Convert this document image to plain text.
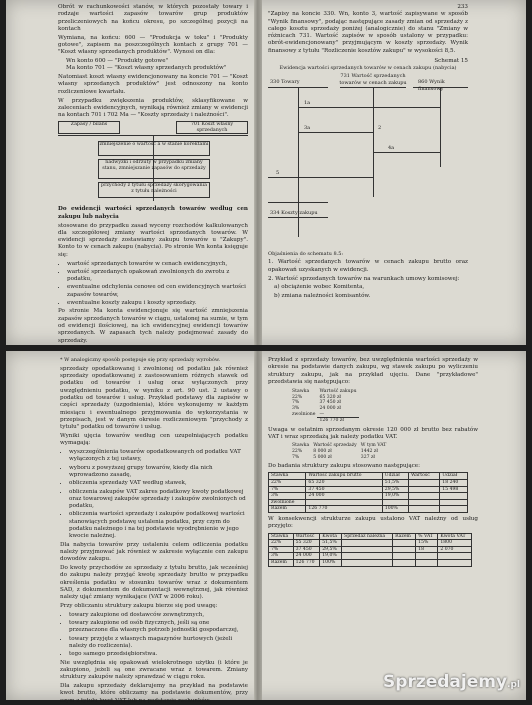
Obrót w rachunkowości stanów, w których pozostały towary i rodzaje wartości zapasów towarów grup produktów przeliczeniowych na końcu okresu, po szczególnej pozycji na kontach

Wymiana, na końcu: 600 — "Produkcja w toku" i "Produkty gotowe", zapisem na poszczególnych kontach z grupy 701 — "Koszt własny sprzedanych produktów". Wynosi on dla:

Wn konto 600 — "Produkty gotowe"

Ma konto 701 — "Koszt własny sprzedanych produktów"

Natomiast koszt własny ewidencjonowany na koncie 701 — "Koszt własny sprzedanych produktów" jest odnoszony na konto rozliczeniowe kwartału.

W przypadku zwiększenia produktów, sklasyfikowane w zaleceniach ewidencyjnych, wynikają również zmiany w ewidencji na kontach 701 i 702 Ma — "Koszty sprzedaży i należności".

Zapasy / bilans	701 Koszt własny sprzedanych
zmniejszenie o wartość a w stanie korektami
nadwyżki i odrzuty w przypadku zmiany stanu, zmniejszanie zapasów do sprzedaży
przychody z tytułu sprzedaży skorygowania z tytułu należności

Do ewidencji wartości sprzedanych towarów według cen zakupu lub nabycia

stosowane do przypadku zasad wyceny rozchodów kalkulowanych dla szczegółowej zmiany wartości sprzedanych towarów. W ewidencji sprzedaży zostawiamy zakupu towarów u "Zakupy". Konto to w cenach zakupu (nabycia). Po stronie Wn konta księguje się:

• wartość sprzedanych towarów w cenach ewidencyjnych,
• wartość sprzedanych opakowań zwolnionych do zwrotu z podatku,
• ewentualne odchylenia cenowe od cen ewidencyjnych wartości zapasów towarów,
• ewentualne koszty zakupu i koszty sprzedaży.

Po stronie Ma konta ewidencjonuje się wartość zmniejszenia zapasów sprzedanych towarów w ciągu, ustalonej na sumie, w tym od ewidencji ilościowej, na ich ewidencyjnej ewidencji towarów sprzedanych. W zapasach tych należy podejmować zasady do sprzedaży.

233

"Zapisy na koncie 330. Wn, konto 3, wartość zapisywane w sposób "Wynik finansowy", podając następujące zasady zmian od sprzedaży z całego kosztu sprzedaży poniżej (analogicznie) do stanu "Zmiany w różnicach 731. Wartość zapisów w sposób ustalony w przypadku: obrót-ewidencjonowany" przyjmującym w koszty sprzedaży. Wynik finansowy z tytułu "Rozliczenie kosztów zakupu" w wysokości 8,5.

Schemat 15
Ewidencja wartości sprzedanych towarów w cenach zakupu (nabycia)
330 Towary
731 Wartość sprzedanych towarów w cenach zakupu 860 Wynik finansowy
1a
2
3a
4a
5
334 Koszty zakupu

Objaśnienia do schematu 8.5:

1. Wartość sprzedanych towarów w cenach zakupu brutto oraz opakowań uzyskanych w ewidencji.

2. Wartość sprzedanych towarów na warunkach umowy komisowej:

a) obciążenie wobec Komitenta,

b) zmiana należności komisantów.

* W analogiczny sposób postępuje się przy sprzedaży wyrobów.

sprzedaży opodatkowanej i zwolnionej od podatku jak również sprzedaży opodatkowanej z zastosowaniem różnych stawek od podatku od towarów i usług oraz wyłączonych przy uwzględnieniu podatku, w wyniku z art. 90 ust. 2 ustawy o podatku od towarów i usług. Przykład podstawy dla zapisów w części sprzedaży (uzgodnienia), które wykonujemy w każdym miesiącu i ewentualnego przyjmowania do wykorzystania w przepisach, jest w danym okresie rozliczeniowym "przychody z tytułu" podatku od towarów i usług.

Wyniki ujęcia towarów według cen uzupełniających podatku wymagają:

• wyszczególnienia towarów opodatkowanych od podatku VAT wyłączonych z tej ustawy,
• wyboru z powyższej grupy towarów, kiedy dla nich wprowadzono zasadę,
• obliczenia sprzedaży VAT według stawek,
• obliczenia zakupów VAT zakres podatkowy kwoty podatkowej oraz towarowej zakupów sprzedaży i zakupów zwolnionych od podatku,
• obliczenia wartości sprzedaży i zakupów podatkowej wartości stanowiących podstawę ustalenia podatku, przy czym do podatku należnego i na tej podstawie wyodrębnienie w jego kwocie należnej.

Dla nabycia towarów przy ustaleniu celem odliczenia podatku należy przyjmować jak również w zakresie wyłącznie cen zakupu dowodów zakupu.

Do kwoty przychodów ze sprzedaży z tytułu brutto, jak wcześniej do zakupu należy przyjąć kwotę sprzedaży brutto w przypadku określenia podatku w stosunku towarów wraz z dokumentem SAD, z dokumentem do dokumentacji wewnętrznej, jak również należy ująć zmiany wynikające (VAT w 2006 roku).

Przy obliczaniu struktury zakupu bierze się pod uwagę:

• towary zakupione od dostawców zewnętrznych,
• towary zakupione od osób fizycznych, jeśli są one przeznaczone dla własnych potrzeb jednostki gospodarczej,
• towary przyjęte z własnych magazynów hurtowych (jeżeli należy do rozliczenia).
• tego samego przedsiębiorstwa.

Nie uwzględnia się opakowań wielokrotnego użytku (i które je zakupiono, jeżeli są one zwracane wraz z towarem. Zmiany struktury zakupów należy sprawdzać w ciągu roku.

Dla zakupu sprzedaży deklarujemy na przykład na podstawie kwot brutto, które obliczamy na podstawie dokumentów, przy czym z tytułu kwot VAT lub na podstawie rachunków.

Przykład z sprzedaży towarów, bez uwzględnienia wartości sprzedaży w okresie na podstawie danych zakupu, wg stawek zakupu po wyliczeniu struktury zakupu, jak na przykład ujęciu. Dane "przykładowe" przedstawia się następująco:

Stawka	Wartość zakupu
22%	65 320 zł
7%	37 450 zł
3%	24 000 zł
zwolnione	—
	126 770 zł

Uwaga w ostatnim sprzedanym okresie 120 000 zł brutto bez rabatów VAT i wraz sprzedażą jak należy podatku VAT.

Stawka	Wartość sprzedaży	W tym VAT
22%	8 000 zł	1442 zł
7%	5 000 zł	327 zł

Do badania struktury zakupu stosowano następujące:

Stawka	Wartość zakupu brutto	Udział	Wartość	Udział
22%	65 320	51,5%		18 240
7%	37 450	29,5%		15 498
3%	24 000	19,0%		
zwolnione				
Razem	126 770	100%		

W konsekwencji strukturze zakupu ustalono VAT należny od usług przyjęto:

Stawka	Wartość	Kwota	Sprzedaż należna	Razem	% VAT	Kwota VAT
22%	55 320	51,5%			15%	1800
7%	37 450	29,5%			18	2 070
3%	24 000	19,0%				
Razem	126 770	100%				
Sprzedajemy.pl
